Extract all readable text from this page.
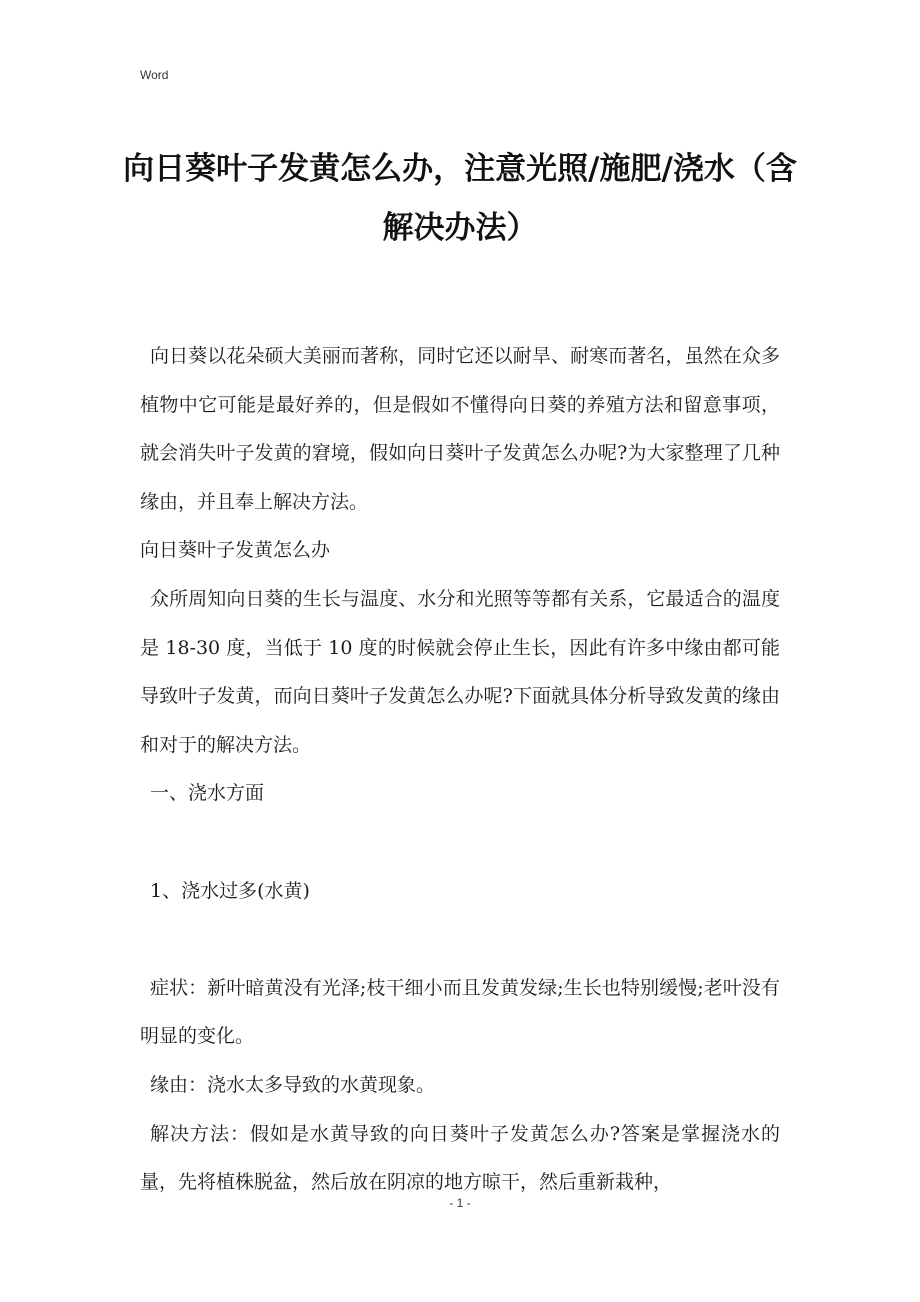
Word
向日葵叶子发黄怎么办，注意光照/施肥/浇水（含解决办法）

向日葵以花朵硕大美丽而著称，同时它还以耐旱、耐寒而著名，虽然在众多植物中它可能是最好养的，但是假如不懂得向日葵的养殖方法和留意事项，就会消失叶子发黄的窘境，假如向日葵叶子发黄怎么办呢?为大家整理了几种缘由，并且奉上解决方法。

向日葵叶子发黄怎么办

众所周知向日葵的生长与温度、水分和光照等等都有关系，它最适合的温度是 18-30 度，当低于 10 度的时候就会停止生长，因此有许多中缘由都可能导致叶子发黄，而向日葵叶子发黄怎么办呢?下面就具体分析导致发黄的缘由和对于的解决方法。

一、浇水方面

1、浇水过多(水黄)

症状：新叶暗黄没有光泽;枝干细小而且发黄发绿;生长也特别缓慢;老叶没有明显的变化。

缘由：浇水太多导致的水黄现象。

解决方法：假如是水黄导致的向日葵叶子发黄怎么办?答案是掌握浇水的量，先将植株脱盆，然后放在阴凉的地方晾干，然后重新栽种，

- 1 -
